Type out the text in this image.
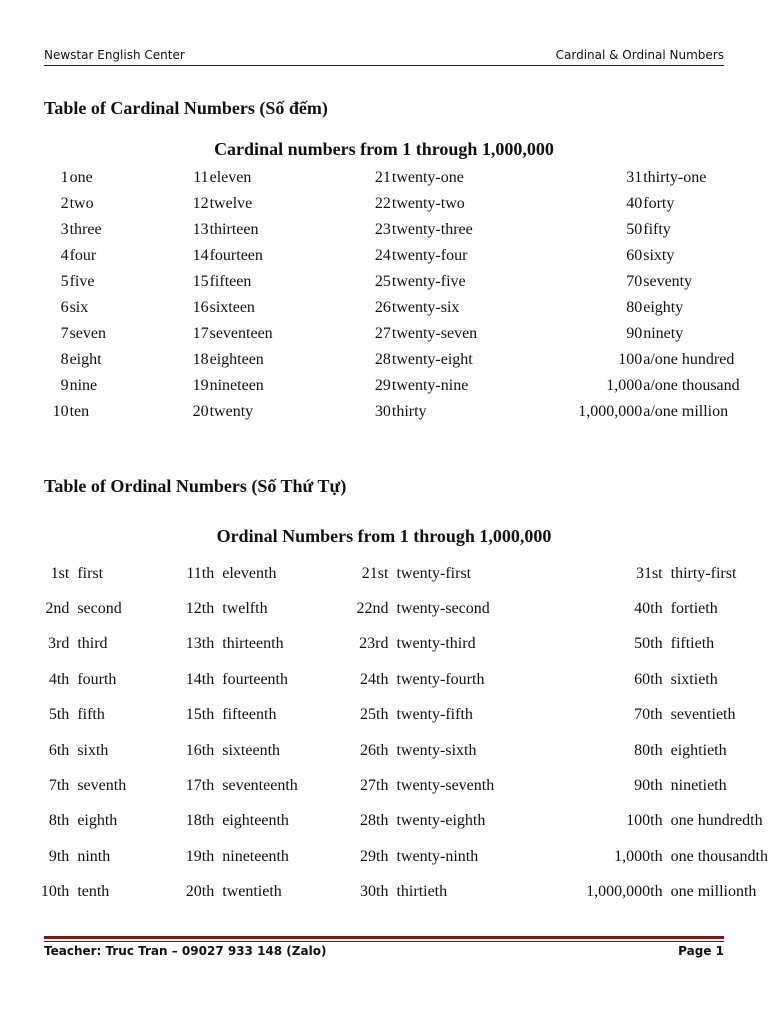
Newstar English Center	Cardinal & Ordinal Numbers
Table of Cardinal Numbers (Số đếm)
Cardinal numbers from 1 through 1,000,000
1	one	11	eleven	21	twenty-one	31	thirty-one
2	two	12	twelve	22	twenty-two	40	forty
3	three	13	thirteen	23	twenty-three	50	fifty
4	four	14	fourteen	24	twenty-four	60	sixty
5	five	15	fifteen	25	twenty-five	70	seventy
6	six	16	sixteen	26	twenty-six	80	eighty
7	seven	17	seventeen	27	twenty-seven	90	ninety
8	eight	18	eighteen	28	twenty-eight	100	a/one hundred
9	nine	19	nineteen	29	twenty-nine	1,000	a/one thousand
10	ten	20	twenty	30	thirty	1,000,000	a/one million
Table of Ordinal Numbers (Số Thứ Tự)
Ordinal Numbers from 1 through 1,000,000
1st	first	11th	eleventh	21st	twenty-first	31st	thirty-first
2nd	second	12th	twelfth	22nd	twenty-second	40th	fortieth
3rd	third	13th	thirteenth	23rd	twenty-third	50th	fiftieth
4th	fourth	14th	fourteenth	24th	twenty-fourth	60th	sixtieth
5th	fifth	15th	fifteenth	25th	twenty-fifth	70th	seventieth
6th	sixth	16th	sixteenth	26th	twenty-sixth	80th	eightieth
7th	seventh	17th	seventeenth	27th	twenty-seventh	90th	ninetieth
8th	eighth	18th	eighteenth	28th	twenty-eighth	100th	one hundredth
9th	ninth	19th	nineteenth	29th	twenty-ninth	1,000th	one thousandth
10th	tenth	20th	twentieth	30th	thirtieth	1,000,000th	one millionth
Teacher: Truc Tran – 09027 933 148 (Zalo)	Page 1
